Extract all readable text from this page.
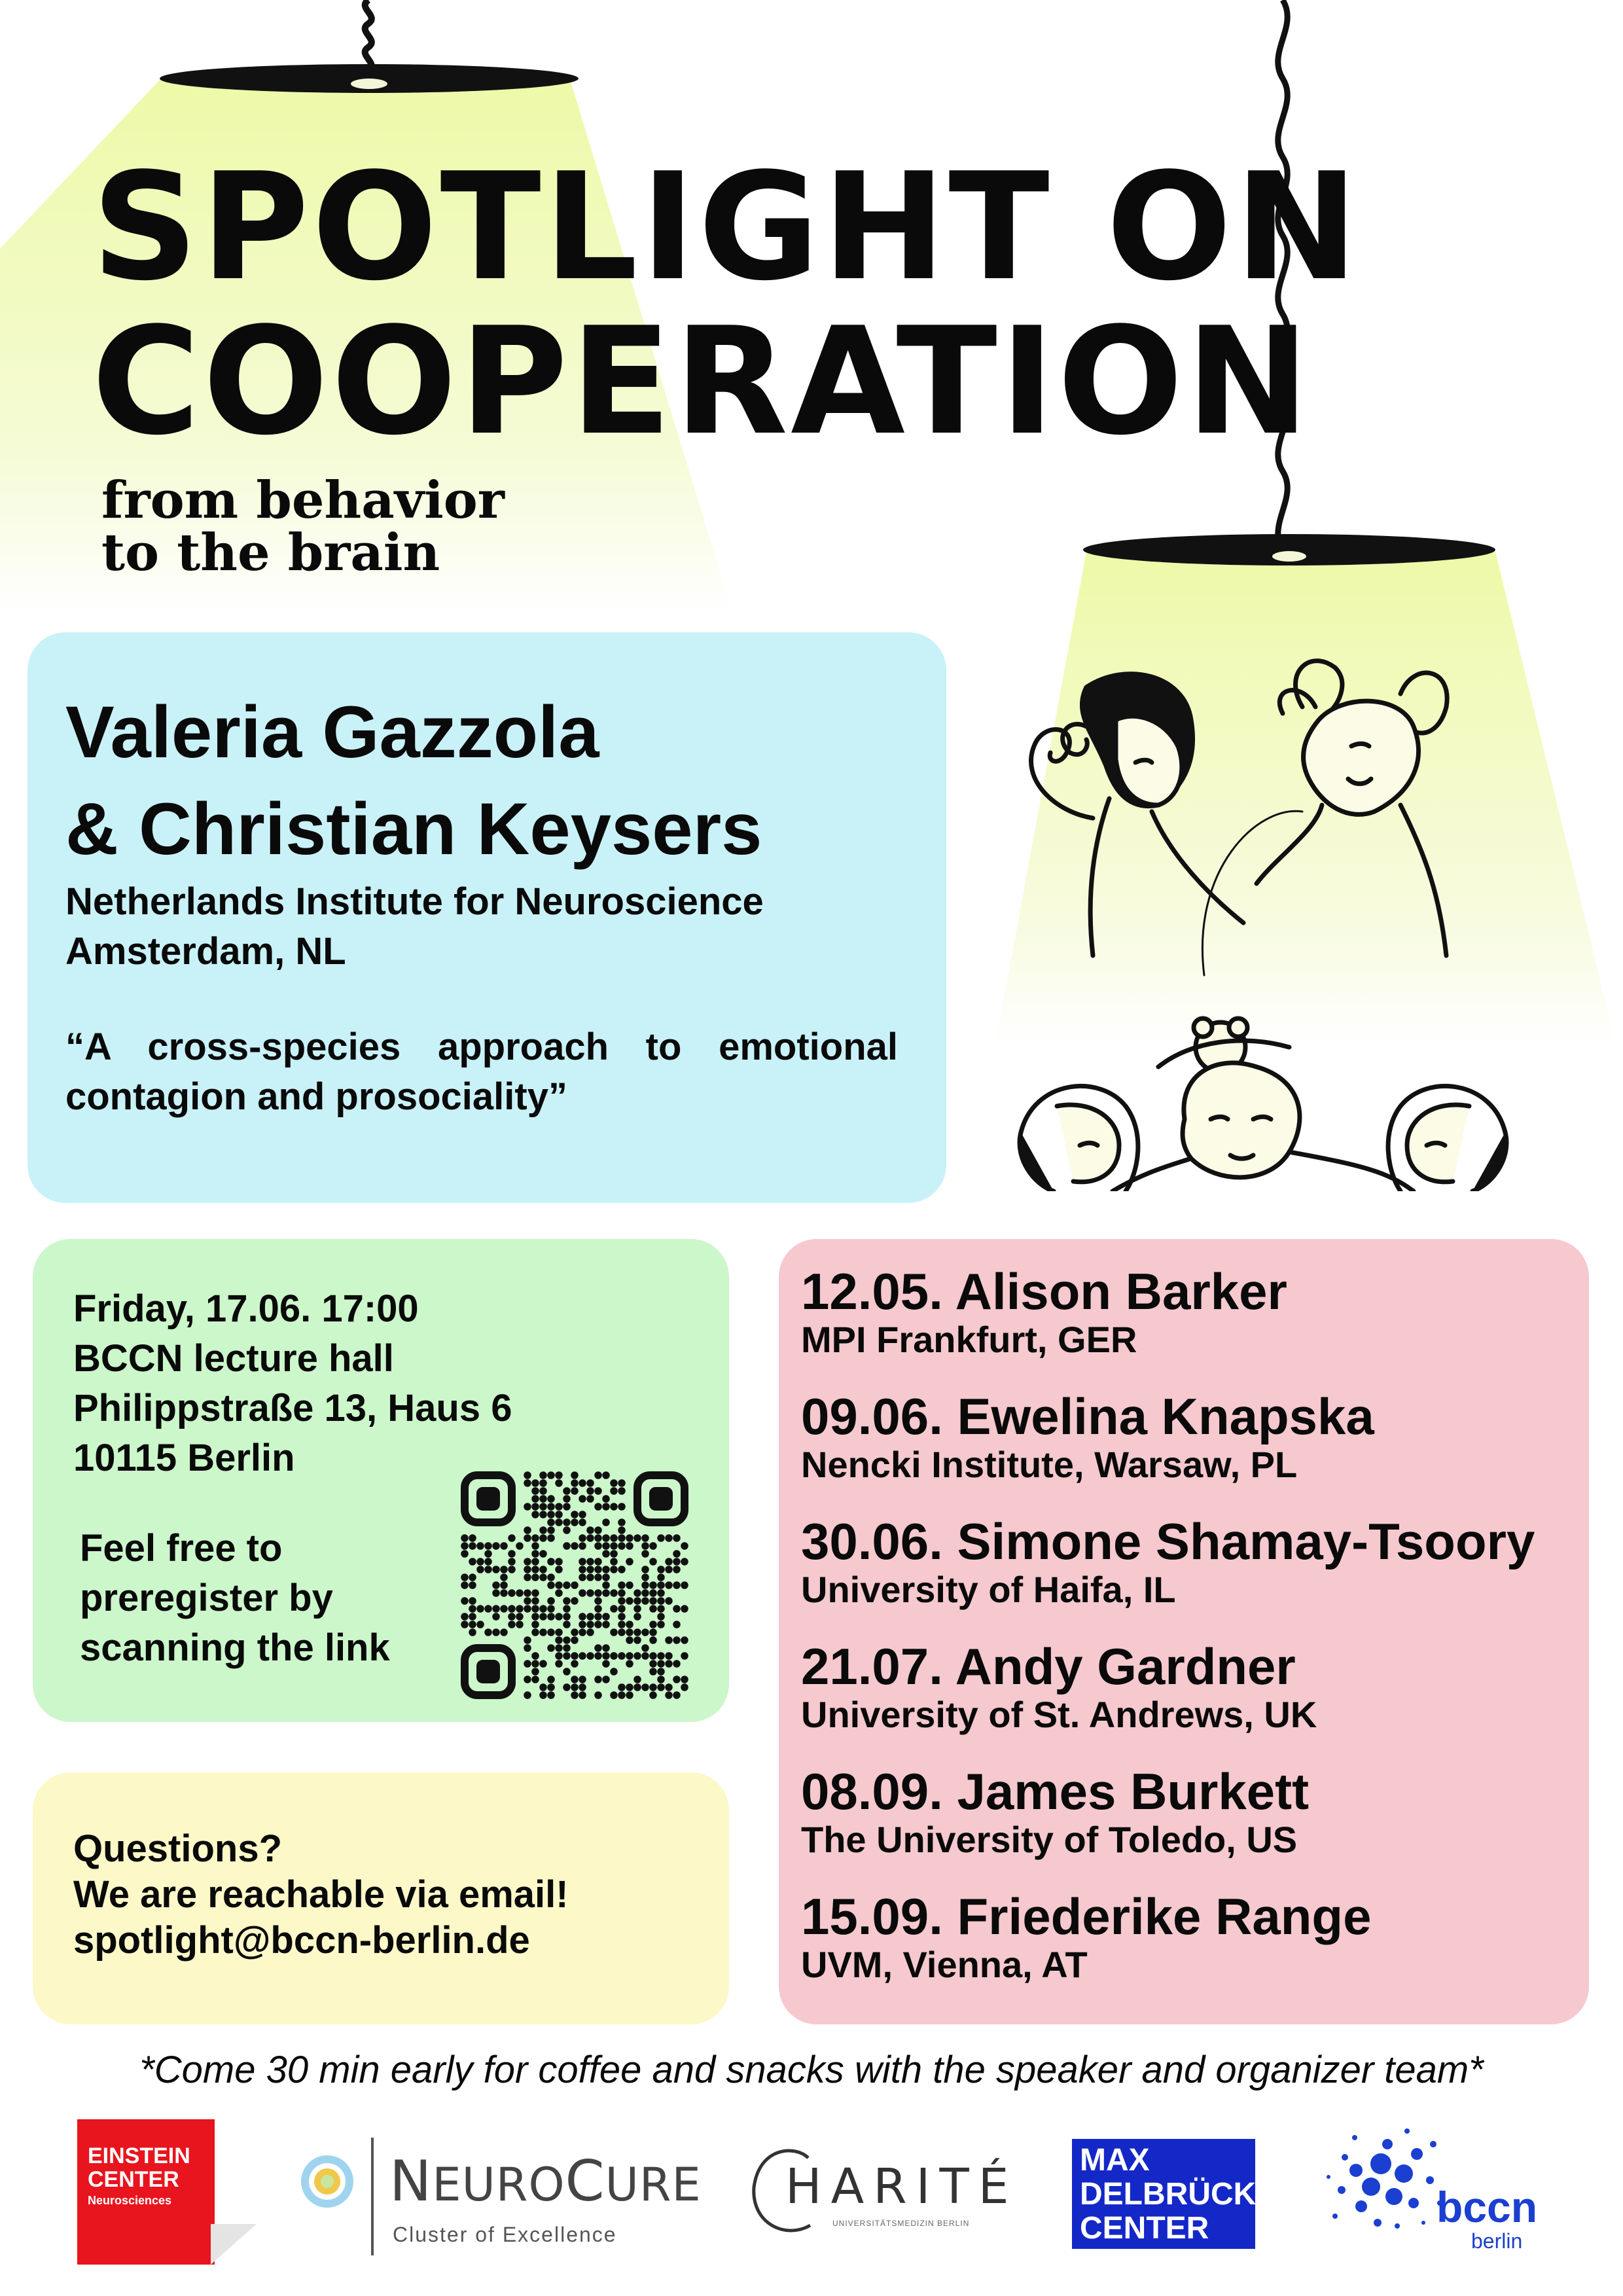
SPOTLIGHT ON
COOPERATION

from behavior
to the brain

Valeria Gazzola
& Christian Keysers

Netherlands Institute for Neuroscience
Amsterdam, NL

“A cross-species approach to emotional contagion and prosociality”

Friday, 17.06. 17:00
BCCN lecture hall
Philippstraße 13, Haus 6
10115 Berlin

Feel free to
preregister by
scanning the link

Questions?
We are reachable via email!
spotlight@bccn-berlin.de

12.05. Alison Barker
MPI Frankfurt, GER
09.06. Ewelina Knapska
Nencki Institute, Warsaw, PL
30.06. Simone Shamay-Tsoory
University of Haifa, IL
21.07. Andy Gardner
University of St. Andrews, UK
08.09. James Burkett
The University of Toledo, US
15.09. Friederike Range
UVM, Vienna, AT

*Come 30 min early for coffee and snacks with the speaker and organizer team*

EINSTEIN
CENTER
Neurosciences	NEUROCURE
Cluster of Excellence
HARITÉ
UNIVERSITÄTSMEDIZIN BERLIN
MAX
DELBRÜCK
CENTER	bccn
berlin
